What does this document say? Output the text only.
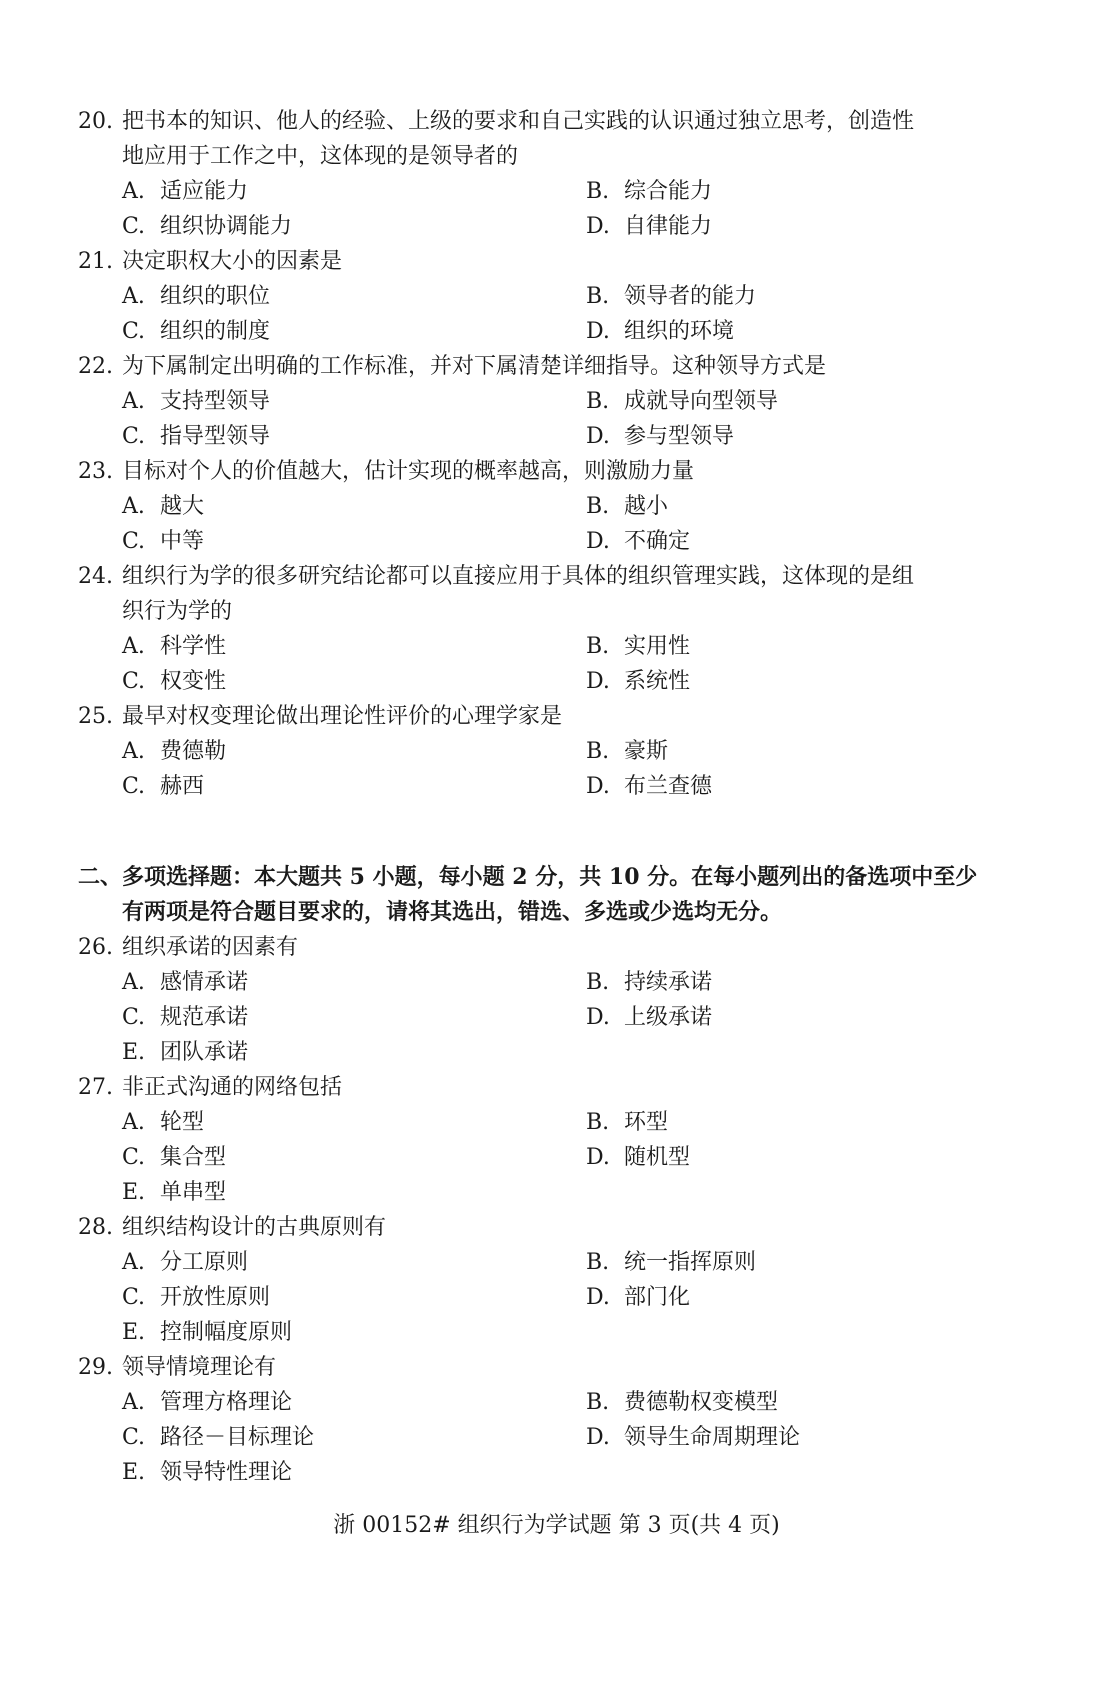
20. 把书本的知识、他人的经验、上级的要求和自己实践的认识通过独立思考，创造性
地应用于工作之中，这体现的是领导者的
A. 适应能力	B. 综合能力
C. 组织协调能力	D. 自律能力
21. 决定职权大小的因素是
A. 组织的职位	B. 领导者的能力
C. 组织的制度	D. 组织的环境
22. 为下属制定出明确的工作标准，并对下属清楚详细指导。这种领导方式是
A. 支持型领导	B. 成就导向型领导
C. 指导型领导	D. 参与型领导
23. 目标对个人的价值越大，估计实现的概率越高，则激励力量
A. 越大	B. 越小
C. 中等	D. 不确定
24. 组织行为学的很多研究结论都可以直接应用于具体的组织管理实践，这体现的是组
织行为学的
A. 科学性	B. 实用性
C. 权变性	D. 系统性
25. 最早对权变理论做出理论性评价的心理学家是
A. 费德勒	B. 豪斯
C. 赫西	D. 布兰查德
二、 多项选择题：本大题共 5 小题，每小题 2 分，共 10 分。在每小题列出的备选项中至少
有两项是符合题目要求的，请将其选出，错选、多选或少选均无分。
26. 组织承诺的因素有
A. 感情承诺	B. 持续承诺
C. 规范承诺	D. 上级承诺
E. 团队承诺
27. 非正式沟通的网络包括
A. 轮型	B. 环型
C. 集合型	D. 随机型
E. 单串型
28. 组织结构设计的古典原则有
A. 分工原则	B. 统一指挥原则
C. 开放性原则	D. 部门化
E. 控制幅度原则
29. 领导情境理论有
A. 管理方格理论	B. 费德勒权变模型
C. 路径－目标理论	D. 领导生命周期理论
E. 领导特性理论
浙 00152# 组织行为学试题 第 3 页(共 4 页)
